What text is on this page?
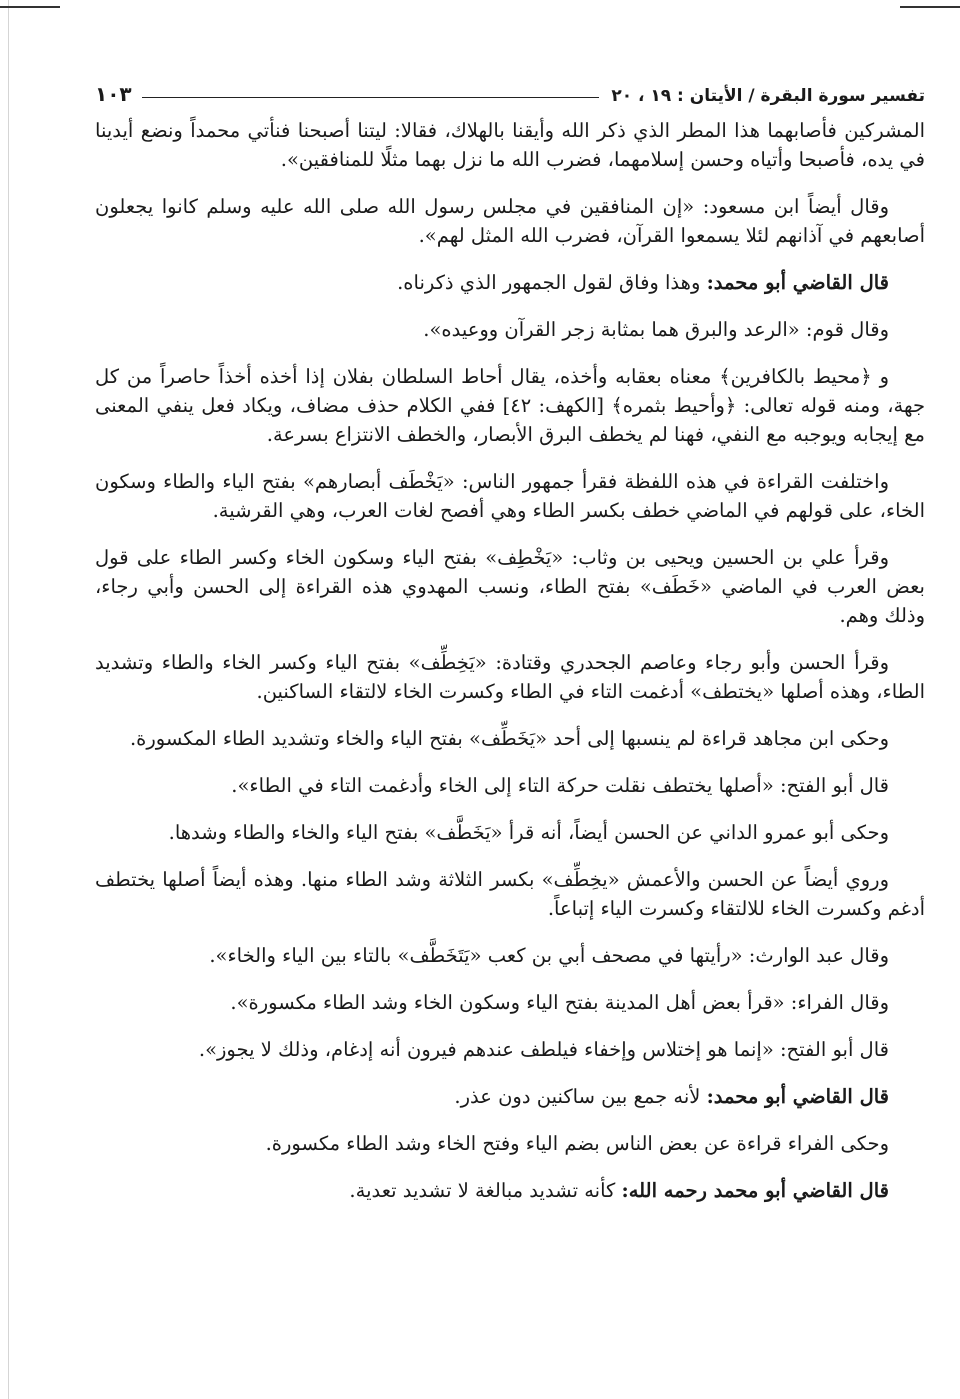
تفسير سورة البقرة / الأيتان : ١٩ ، ٢٠
١٠٣

المشركين فأصابهما هذا المطر الذي ذكر الله وأيقنا بالهلاك، فقالا: ليتنا أصبحنا فنأتي محمداً ونضع أيدينا في يده، فأصبحا وأتياه وحسن إسلامهما، فضرب الله ما نزل بهما مثلًا للمنافقين».

وقال أيضاً ابن مسعود: «إن المنافقين في مجلس رسول الله صلى الله عليه وسلم كانوا يجعلون أصابعهم في آذانهم لئلا يسمعوا القرآن، فضرب الله المثل لهم».

قال القاضي أبو محمد: وهذا وفاق لقول الجمهور الذي ذكرناه.

وقال قوم: «الرعد والبرق هما بمثابة زجر القرآن ووعيده».

و ﴿محيط بالكافرين﴾ معناه بعقابه وأخذه، يقال أحاط السلطان بفلان إذا أخذه أخذاً حاصراً من كل جهة، ومنه قوله تعالى: ﴿وأحيط بثمره﴾ [الكهف: ٤٢] ففي الكلام حذف مضاف، ويكاد فعل ينفي المعنى مع إيجابه ويوجبه مع النفي، فهنا لم يخطف البرق الأبصار، والخطف الانتزاع بسرعة.

واختلفت القراءة في هذه اللفظة فقرأ جمهور الناس: «يَخْطَف أبصارهم» بفتح الياء والطاء وسكون الخاء، على قولهم في الماضي خطف بكسر الطاء وهي أفصح لغات العرب، وهي القرشية.

وقرأ علي بن الحسين ويحيى بن وثاب: «يَخْطِف» بفتح الياء وسكون الخاء وكسر الطاء على قول بعض العرب في الماضي «خَطَف» بفتح الطاء، ونسب المهدوي هذه القراءة إلى الحسن وأبي رجاء، وذلك وهم.

وقرأ الحسن وأبو رجاء وعاصم الجحدري وقتادة: «يَخِطِّف» بفتح الياء وكسر الخاء والطاء وتشديد الطاء، وهذه أصلها «يختطف» أدغمت التاء في الطاء وكسرت الخاء لالتقاء الساكنين.

وحكى ابن مجاهد قراءة لم ينسبها إلى أحد «يَخَطِّف» بفتح الياء والخاء وتشديد الطاء المكسورة.

قال أبو الفتح: «أصلها يختطف نقلت حركة التاء إلى الخاء وأدغمت التاء في الطاء».

وحكى أبو عمرو الداني عن الحسن أيضاً، أنه قرأ «يَخَطَّف» بفتح الياء والخاء والطاء وشدها.

وروي أيضاً عن الحسن والأعمش «يخِطِّف» بكسر الثلاثة وشد الطاء منها. وهذه أيضاً أصلها يختطف أدغم وكسرت الخاء للالتقاء وكسرت الياء إتباعاً.

وقال عبد الوارث: «رأيتها في مصحف أبي بن كعب «يَتَخَطَّف» بالتاء بين الياء والخاء».

وقال الفراء: «قرأ بعض أهل المدينة بفتح الياء وسكون الخاء وشد الطاء مكسورة».

قال أبو الفتح: «إنما هو إختلاس وإخفاء فيلطف عندهم فيرون أنه إدغام، وذلك لا يجوز».

قال القاضي أبو محمد: لأنه جمع بين ساكنين دون عذر.

وحكى الفراء قراءة عن بعض الناس بضم الياء وفتح الخاء وشد الطاء مكسورة.

قال القاضي أبو محمد رحمه الله: كأنه تشديد مبالغة لا تشديد تعدية.
